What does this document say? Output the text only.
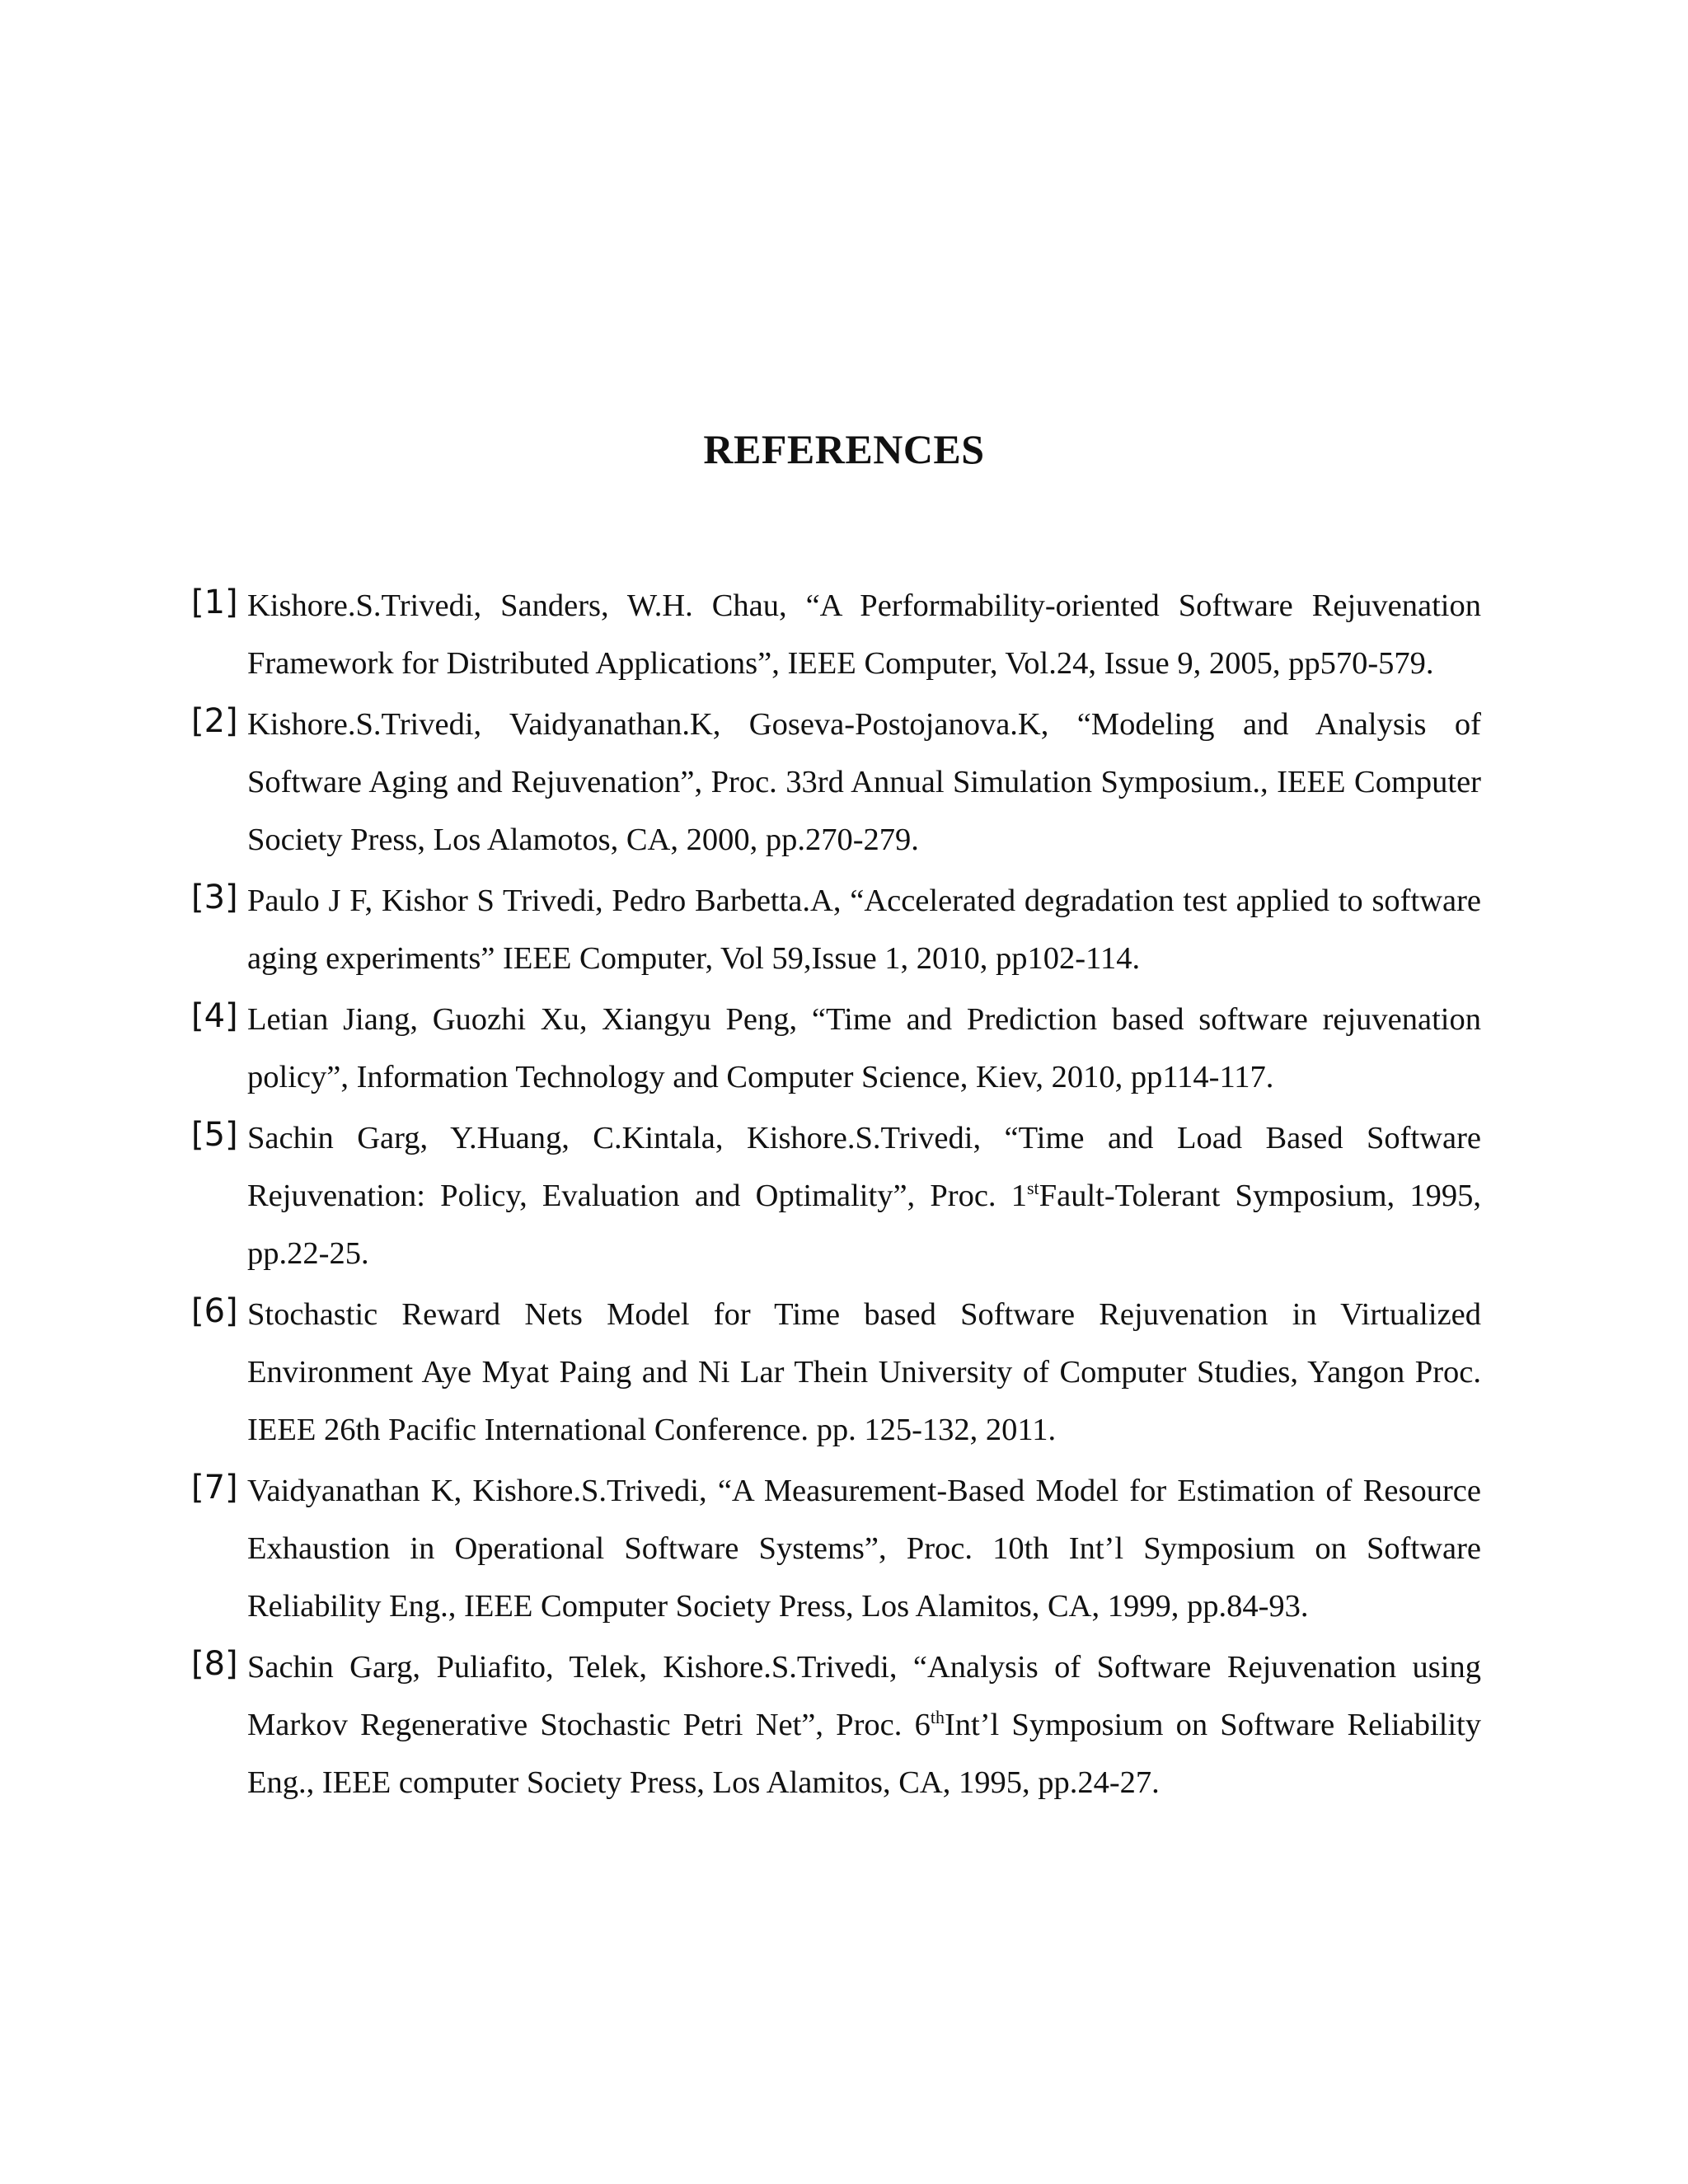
REFERENCES
[1] Kishore.S.Trivedi, Sanders, W.H. Chau, “A Performability-oriented Software Rejuvenation Framework for Distributed Applications”, IEEE Computer, Vol.24, Issue 9, 2005, pp570-579.
[2] Kishore.S.Trivedi, Vaidyanathan.K, Goseva-Postojanova.K, “Modeling and Analysis of Software Aging and Rejuvenation”, Proc. 33rd Annual Simulation Symposium., IEEE Computer Society Press, Los Alamotos, CA, 2000, pp.270-279.
[3] Paulo J F, Kishor S Trivedi, Pedro Barbetta.A, “Accelerated degradation test applied to software aging experiments” IEEE Computer, Vol 59,Issue 1, 2010, pp102-114.
[4] Letian Jiang, Guozhi Xu, Xiangyu Peng, “Time and Prediction based software rejuvenation policy”, Information Technology and Computer Science, Kiev, 2010, pp114-117.
[5] Sachin Garg, Y.Huang, C.Kintala, Kishore.S.Trivedi, “Time and Load Based Software Rejuvenation: Policy, Evaluation and Optimality”, Proc. 1stFault-Tolerant Symposium, 1995, pp.22-25.
[6] Stochastic Reward Nets Model for Time based Software Rejuvenation in Virtualized Environment Aye Myat Paing and Ni Lar Thein University of Computer Studies, Yangon Proc. IEEE 26th Pacific International Conference. pp. 125-132, 2011.
[7] Vaidyanathan K, Kishore.S.Trivedi, “A Measurement-Based Model for Estimation of Resource Exhaustion in Operational Software Systems”, Proc. 10th Int’l Symposium on Software Reliability Eng., IEEE Computer Society Press, Los Alamitos, CA, 1999, pp.84-93.
[8] Sachin Garg, Puliafito, Telek, Kishore.S.Trivedi, “Analysis of Software Rejuvenation using Markov Regenerative Stochastic Petri Net”, Proc. 6thInt’l Symposium on Software Reliability Eng., IEEE computer Society Press, Los Alamitos, CA, 1995, pp.24-27.
